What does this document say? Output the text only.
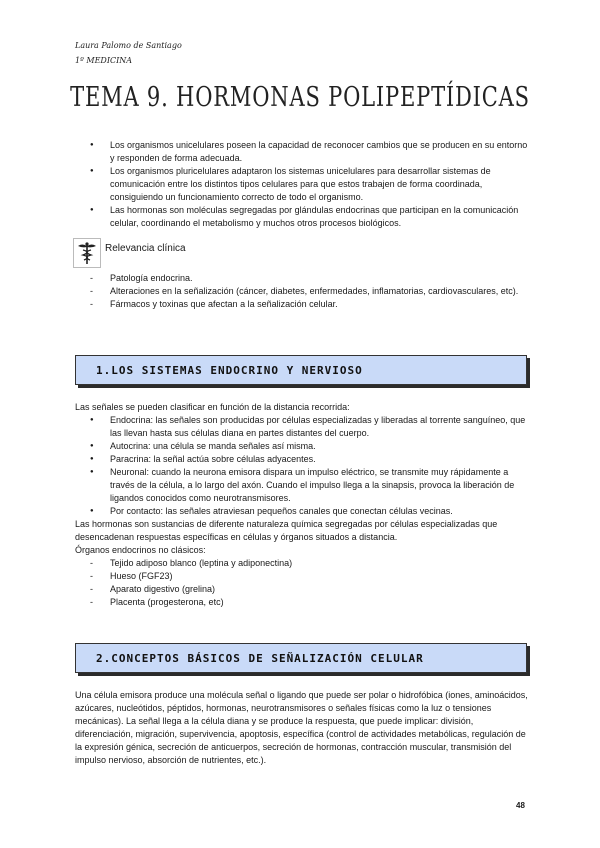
Laura Palomo de Santiago
1º MEDICINA
TEMA 9. HORMONAS POLIPEPTÍDICAS
● Los organismos unicelulares poseen la capacidad de reconocer cambios que se producen en su entorno y responden de forma adecuada.
● Los organismos pluricelulares adaptaron los sistemas unicelulares para desarrollar sistemas de comunicación entre los distintos tipos celulares para que estos trabajen de forma coordinada, consiguiendo un funcionamiento correcto de todo el organismo.
● Las hormonas son moléculas segregadas por glándulas endocrinas que participan en la comunicación celular, coordinando el metabolismo y muchos otros procesos biológicos.
Relevancia clínica
- Patología endocrina.
- Alteraciones en la señalización (cáncer, diabetes, enfermedades, inflamatorias, cardiovasculares, etc).
- Fármacos y toxinas que afectan a la señalización celular.
1.LOS SISTEMAS ENDOCRINO Y NERVIOSO
Las señales se pueden clasificar en función de la distancia recorrida:
● Endocrina: las señales son producidas por células especializadas y liberadas al torrente sanguíneo, que las llevan hasta sus células diana en partes distantes del cuerpo.
● Autocrina: una célula se manda señales así misma.
● Paracrina: la señal actúa sobre células adyacentes.
● Neuronal: cuando la neurona emisora dispara un impulso eléctrico, se transmite muy rápidamente a través de la célula, a lo largo del axón. Cuando el impulso llega a la sinapsis, provoca la liberación de ligandos conocidos como neurotransmisores.
● Por contacto: las señales atraviesan pequeños canales que conectan células vecinas.
Las hormonas son sustancias de diferente naturaleza química segregadas por células especializadas que desencadenan respuestas específicas en células y órganos situados a distancia.
Órganos endocrinos no clásicos:
- Tejido adiposo blanco (leptina y adiponectina)
- Hueso (FGF23)
- Aparato digestivo (grelina)
- Placenta (progesterona, etc)
2.CONCEPTOS BÁSICOS DE SEÑALIZACIÓN CELULAR
Una célula emisora produce una molécula señal o ligando que puede ser polar o hidrofóbica (iones, aminoácidos, azúcares, nucleótidos, péptidos, hormonas, neurotransmisores o señales físicas como la luz o tensiones mecánicas). La señal llega a la célula diana y se produce la respuesta, que puede implicar: división, diferenciación, migración, supervivencia, apoptosis, específica (control de actividades metabólicas, regulación de la expresión génica, secreción de anticuerpos, secreción de hormonas, contracción muscular, transmisión del impulso nervioso, absorción de nutrientes, etc.).
48
